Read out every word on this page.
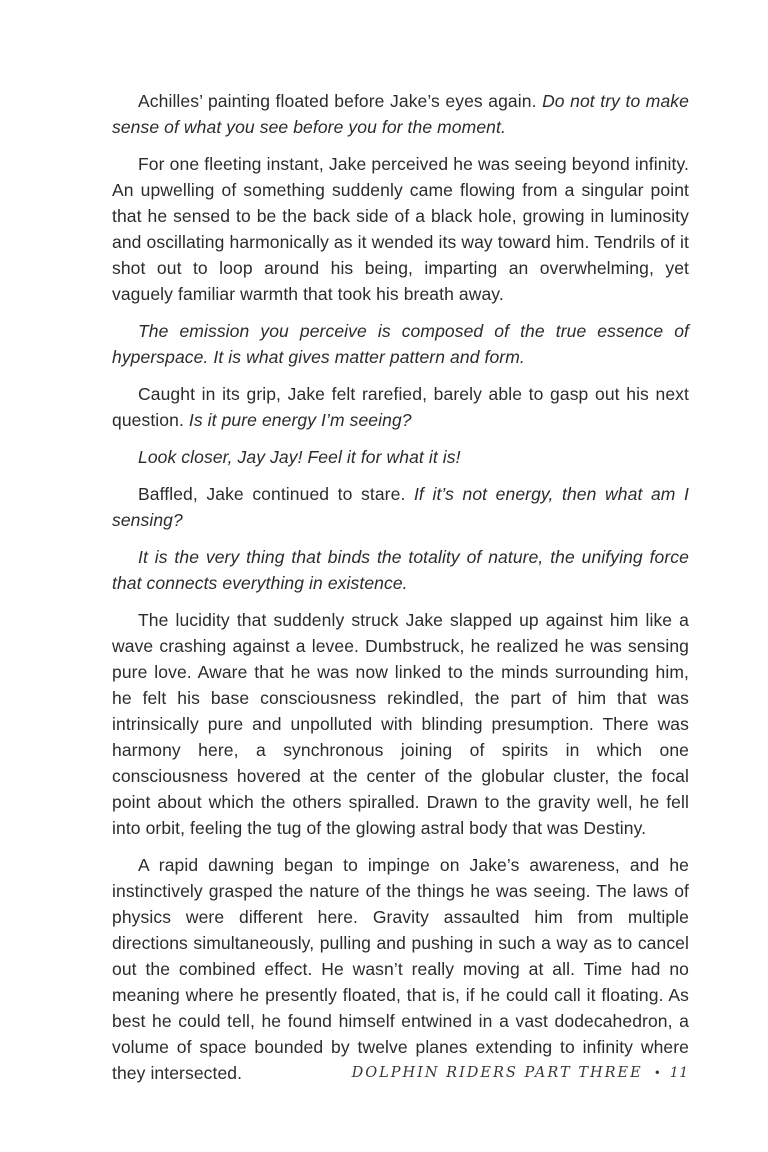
Achilles’ painting floated before Jake’s eyes again. Do not try to make sense of what you see before you for the moment.

For one fleeting instant, Jake perceived he was seeing beyond infinity. An upwelling of something suddenly came flowing from a singular point that he sensed to be the back side of a black hole, growing in luminosity and oscillating harmonically as it wended its way toward him. Tendrils of it shot out to loop around his being, imparting an overwhelming, yet vaguely familiar warmth that took his breath away.

The emission you perceive is composed of the true essence of hyperspace. It is what gives matter pattern and form.

Caught in its grip, Jake felt rarefied, barely able to gasp out his next question. Is it pure energy I’m seeing?

Look closer, Jay Jay! Feel it for what it is!

Baffled, Jake continued to stare. If it’s not energy, then what am I sensing?

It is the very thing that binds the totality of nature, the unifying force that connects everything in existence.

The lucidity that suddenly struck Jake slapped up against him like a wave crashing against a levee. Dumbstruck, he realized he was sensing pure love. Aware that he was now linked to the minds surrounding him, he felt his base consciousness rekindled, the part of him that was intrinsically pure and unpolluted with blinding presumption. There was harmony here, a synchronous joining of spirits in which one consciousness hovered at the center of the globular cluster, the focal point about which the others spiralled. Drawn to the gravity well, he fell into orbit, feeling the tug of the glowing astral body that was Destiny.

A rapid dawning began to impinge on Jake’s awareness, and he instinctively grasped the nature of the things he was seeing. The laws of physics were different here. Gravity assaulted him from multiple directions simultaneously, pulling and pushing in such a way as to cancel out the combined effect. He wasn’t really moving at all. Time had no meaning where he presently floated, that is, if he could call it floating. As best he could tell, he found himself entwined in a vast dodecahedron, a volume of space bounded by twelve planes extending to infinity where they intersected.	DOLPHIN RIDERS PART THREE • 11
